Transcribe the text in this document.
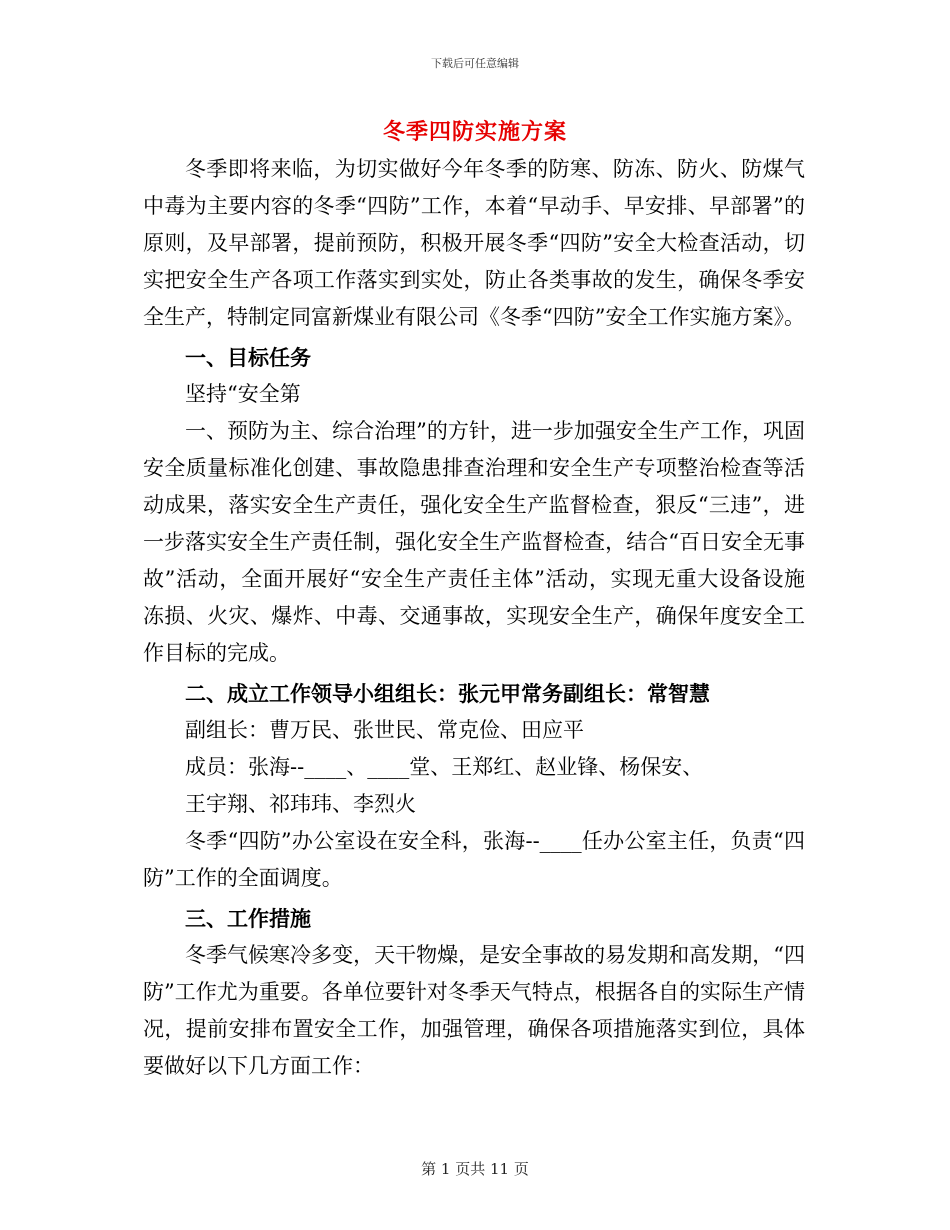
下载后可任意编辑
冬季四防实施方案

冬季即将来临，为切实做好今年冬季的防寒、防冻、防火、防煤气中毒为主要内容的冬季“四防”工作，本着“早动手、早安排、早部署”的原则，及早部署，提前预防，积极开展冬季“四防”安全大检查活动，切实把安全生产各项工作落实到实处，防止各类事故的发生，确保冬季安全生产，特制定同富新煤业有限公司《冬季“四防”安全工作实施方案》。

一、目标任务

坚持“安全第

一、预防为主、综合治理”的方针，进一步加强安全生产工作，巩固安全质量标准化创建、事故隐患排查治理和安全生产专项整治检查等活动成果，落实安全生产责任，强化安全生产监督检查，狠反“三违”，进一步落实安全生产责任制，强化安全生产监督检查，结合“百日安全无事故”活动，全面开展好“安全生产责任主体”活动，实现无重大设备设施冻损、火灾、爆炸、中毒、交通事故，实现安全生产，确保年度安全工作目标的完成。

二、成立工作领导小组组长：张元甲常务副组长：常智慧

副组长：曹万民、张世民、常克俭、田应平

成员：张海--____、____堂、王郑红、赵业锋、杨保安、

王宇翔、祁玮玮、李烈火

冬季“四防”办公室设在安全科，张海--____任办公室主任，负责“四防”工作的全面调度。

三、工作措施

冬季气候寒冷多变，天干物燥，是安全事故的易发期和高发期，“四防”工作尤为重要。各单位要针对冬季天气特点，根据各自的实际生产情况，提前安排布置安全工作，加强管理，确保各项措施落实到位，具体要做好以下几方面工作：

第 1 页共 11 页
